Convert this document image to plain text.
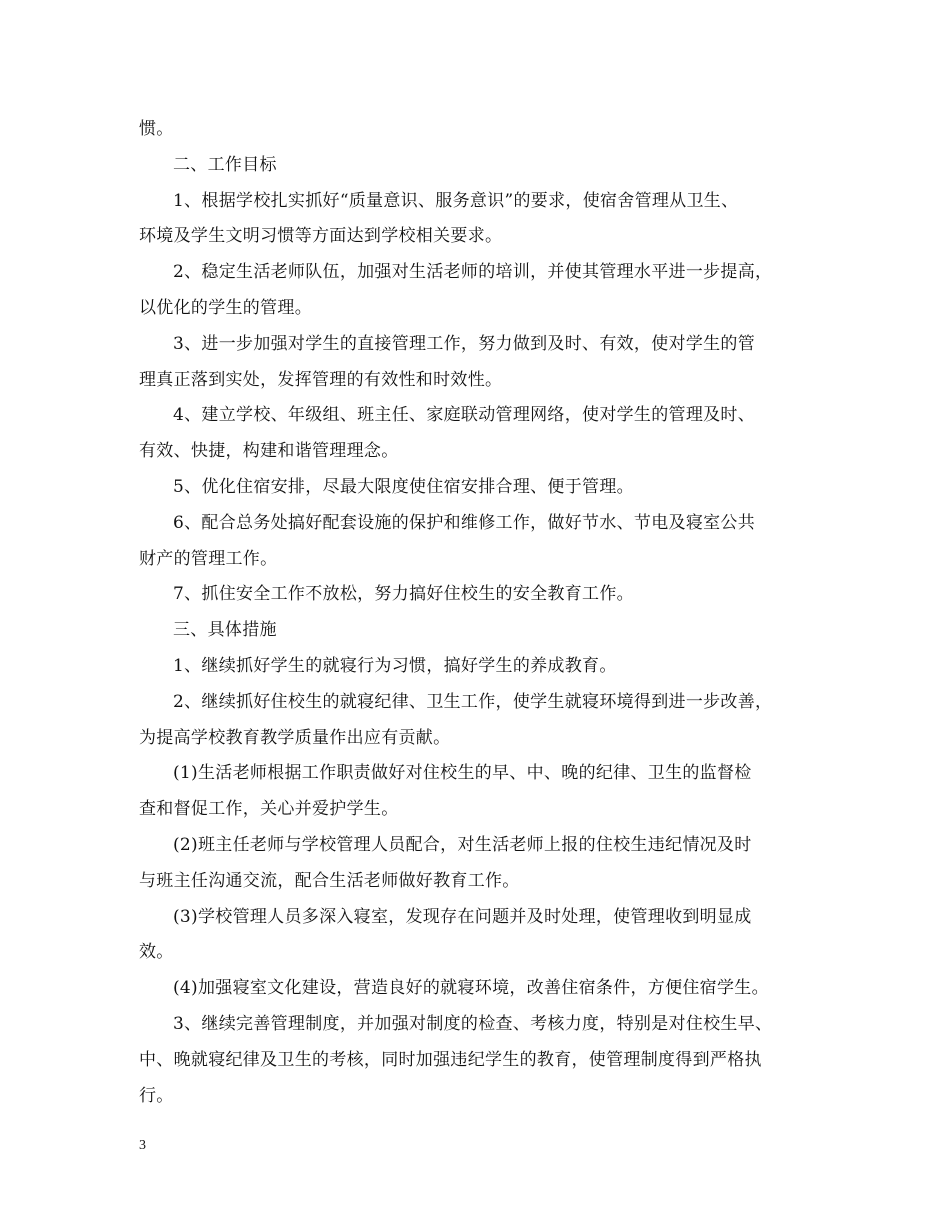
惯。
二、工作目标
1、根据学校扎实抓好“质量意识、服务意识”的要求，使宿舍管理从卫生、
环境及学生文明习惯等方面达到学校相关要求。
2、稳定生活老师队伍，加强对生活老师的培训，并使其管理水平进一步提高，
以优化的学生的管理。
3、进一步加强对学生的直接管理工作，努力做到及时、有效，使对学生的管
理真正落到实处，发挥管理的有效性和时效性。
4、建立学校、年级组、班主任、家庭联动管理网络，使对学生的管理及时、
有效、快捷，构建和谐管理理念。
5、优化住宿安排，尽最大限度使住宿安排合理、便于管理。
6、配合总务处搞好配套设施的保护和维修工作，做好节水、节电及寝室公共
财产的管理工作。
7、抓住安全工作不放松，努力搞好住校生的安全教育工作。
三、具体措施
1、继续抓好学生的就寝行为习惯，搞好学生的养成教育。
2、继续抓好住校生的就寝纪律、卫生工作，使学生就寝环境得到进一步改善，
为提高学校教育教学质量作出应有贡献。
(1)生活老师根据工作职责做好对住校生的早、中、晚的纪律、卫生的监督检
查和督促工作，关心并爱护学生。
(2)班主任老师与学校管理人员配合，对生活老师上报的住校生违纪情况及时
与班主任沟通交流，配合生活老师做好教育工作。
(3)学校管理人员多深入寝室，发现存在问题并及时处理，使管理收到明显成
效。
(4)加强寝室文化建设，营造良好的就寝环境，改善住宿条件，方便住宿学生。
3、继续完善管理制度，并加强对制度的检查、考核力度，特别是对住校生早、
中、晚就寝纪律及卫生的考核，同时加强违纪学生的教育，使管理制度得到严格执
行。
3
